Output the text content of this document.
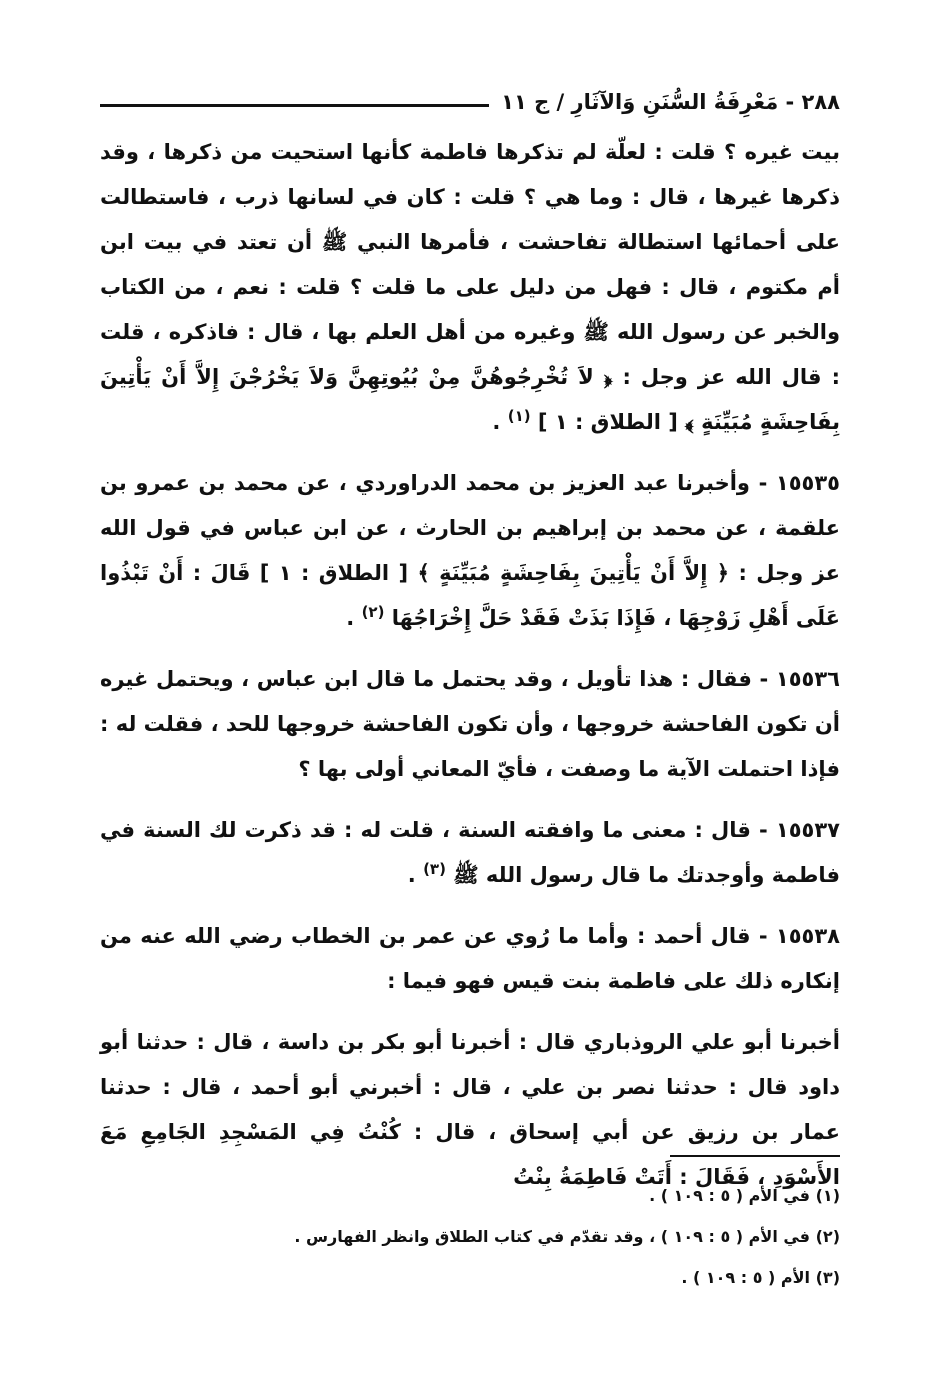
٢٨٨ - مَعْرِفَةُ السُّنَنِ وَالآثَارِ / ج ١١

بيت غيره ؟ قلت : لعلّة لم تذكرها فاطمة كأنها استحيت من ذكرها ، وقد ذكرها غيرها ، قال : وما هي ؟ قلت : كان في لسانها ذرب ، فاستطالت على أحمائها استطالة تفاحشت ، فأمرها النبي ﷺ أن تعتد في بيت ابن أم مكتوم ، قال : فهل من دليل على ما قلت ؟ قلت : نعم ، من الكتاب والخبر عن رسول الله ﷺ وغيره من أهل العلم بها ، قال : فاذكره ، قلت : قال الله عز وجل : ﴿ لاَ تُخْرِجُوهُنَّ مِنْ بُيُوتِهِنَّ وَلاَ يَخْرُجْنَ إِلاَّ أَنْ يَأْتِينَ بِفَاحِشَةٍ مُبَيِّنَةٍ ﴾ [ الطلاق : ١ ] $^{(١)}$ .

١٥٥٣٥ - وأخبرنا عبد العزيز بن محمد الدراوردي ، عن محمد بن عمرو بن علقمة ، عن محمد بن إبراهيم بن الحارث ، عن ابن عباس في قول الله عز وجل : ﴿ إِلاَّ أَنْ يَأْتِينَ بِفَاحِشَةٍ مُبَيِّنَةٍ ﴾ [ الطلاق : ١ ] قَالَ : أَنْ تَبْذُوا عَلَى أَهْلِ زَوْجِهَا ، فَإِذَا بَذَتْ فَقَدْ حَلَّ إِخْرَاجُهَا $^{(٢)}$ .

١٥٥٣٦ - فقال : هذا تأويل ، وقد يحتمل ما قال ابن عباس ، ويحتمل غيره أن تكون الفاحشة خروجها ، وأن تكون الفاحشة خروجها للحد ، فقلت له : فإذا احتملت الآية ما وصفت ، فأيّ المعاني أولى بها ؟

١٥٥٣٧ - قال : معنى ما وافقته السنة ، قلت له : قد ذكرت لك السنة في فاطمة وأوجدتك ما قال رسول الله ﷺ $^{(٣)}$ .

١٥٥٣٨ - قال أحمد : وأما ما رُوي عن عمر بن الخطاب رضي الله عنه من إنكاره ذلك على فاطمة بنت قيس فهو فيما :

أخبرنا أبو علي الروذباري قال : أخبرنا أبو بكر بن داسة ، قال : حدثنا أبو داود قال : حدثنا نصر بن علي ، قال : أخبرني أبو أحمد ، قال : حدثنا عمار بن رزيق عن أبي إسحاق ، قال : كُنْتُ فِي المَسْجِدِ الجَامِعِ مَعَ الأَسْوَدِ ، فَقَالَ : أَتَتْ فَاطِمَةُ بِنْتُ

(١) في الأم ( ٥ : ١٠٩ ) .

(٢) في الأم ( ٥ : ١٠٩ ) ، وقد تقدّم في كتاب الطلاق وانظر الفهارس .

(٣) الأم ( ٥ : ١٠٩ ) .
